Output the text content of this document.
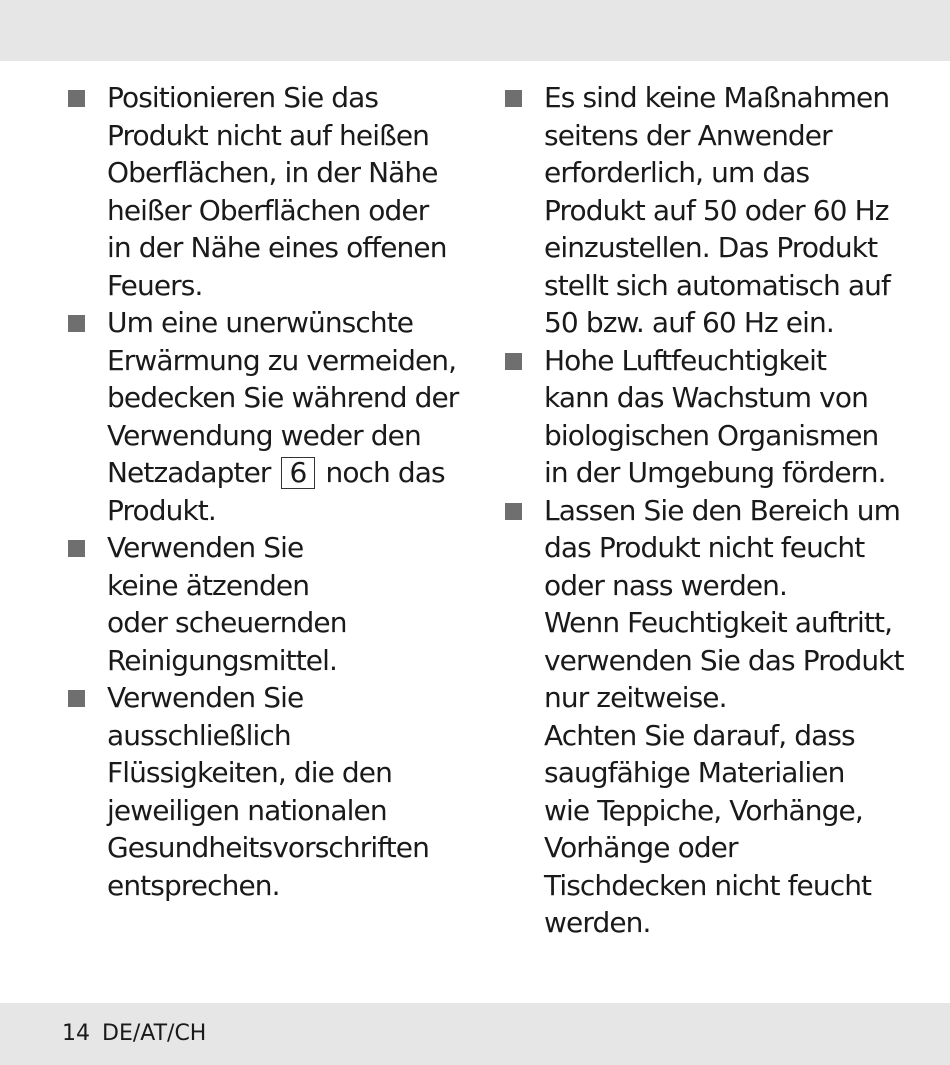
Positionieren Sie das
Produkt nicht auf heißen
Oberflächen, in der Nähe
heißer Oberflächen oder
in der Nähe eines offenen
Feuers.
Um eine unerwünschte
Erwärmung zu vermeiden,
bedecken Sie während der
Verwendung weder den
Netzadapter 6 noch das
Produkt.
Verwenden Sie
keine ätzenden
oder scheuernden
Reinigungsmittel.
Verwenden Sie
ausschließlich
Flüssigkeiten, die den
jeweiligen nationalen
Gesundheitsvorschriften
entsprechen.
Es sind keine Maßnahmen
seitens der Anwender
erforderlich, um das
Produkt auf 50 oder 60 Hz
einzustellen. Das Produkt
stellt sich automatisch auf
50 bzw. auf 60 Hz ein.
Hohe Luftfeuchtigkeit
kann das Wachstum von
biologischen Organismen
in der Umgebung fördern.
Lassen Sie den Bereich um
das Produkt nicht feucht
oder nass werden.
Wenn Feuchtigkeit auftritt,
verwenden Sie das Produkt
nur zeitweise.
Achten Sie darauf, dass
saugfähige Materialien
wie Teppiche, Vorhänge,
Vorhänge oder
Tischdecken nicht feucht
werden.
14 DE/AT/CH
